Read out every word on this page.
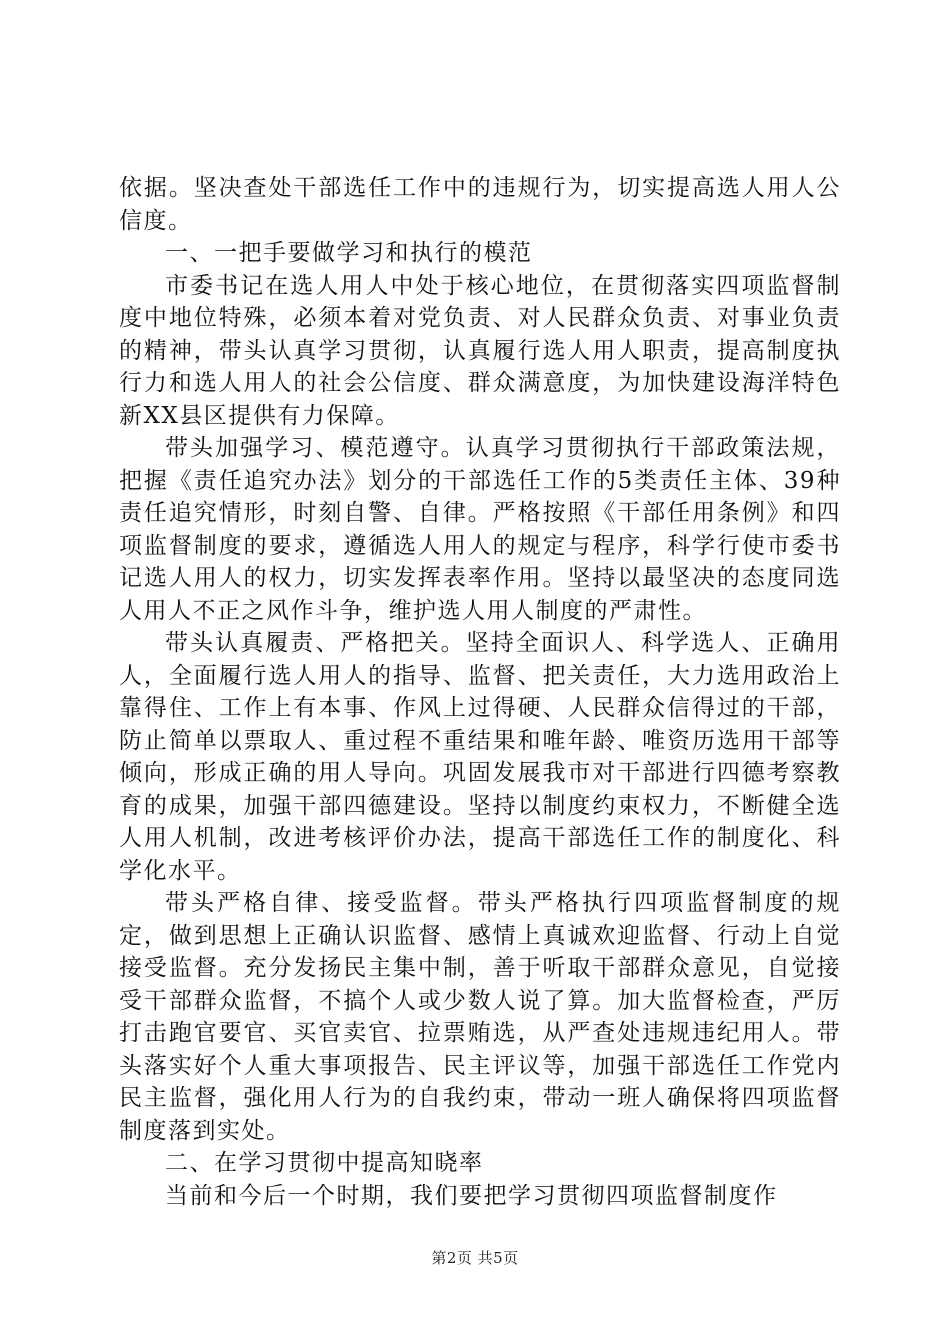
依据。坚决查处干部选任工作中的违规行为，切实提高选人用人公信度。

一、一把手要做学习和执行的模范

市委书记在选人用人中处于核心地位，在贯彻落实四项监督制度中地位特殊，必须本着对党负责、对人民群众负责、对事业负责的精神，带头认真学习贯彻，认真履行选人用人职责，提高制度执行力和选人用人的社会公信度、群众满意度，为加快建设海洋特色新XX县区提供有力保障。

带头加强学习、模范遵守。认真学习贯彻执行干部政策法规，把握《责任追究办法》划分的干部选任工作的5类责任主体、39种责任追究情形，时刻自警、自律。严格按照《干部任用条例》和四项监督制度的要求，遵循选人用人的规定与程序，科学行使市委书记选人用人的权力，切实发挥表率作用。坚持以最坚决的态度同选人用人不正之风作斗争，维护选人用人制度的严肃性。

带头认真履责、严格把关。坚持全面识人、科学选人、正确用人，全面履行选人用人的指导、监督、把关责任，大力选用政治上靠得住、工作上有本事、作风上过得硬、人民群众信得过的干部，防止简单以票取人、重过程不重结果和唯年龄、唯资历选用干部等倾向，形成正确的用人导向。巩固发展我市对干部进行四德考察教育的成果，加强干部四德建设。坚持以制度约束权力，不断健全选人用人机制，改进考核评价办法，提高干部选任工作的制度化、科学化水平。

带头严格自律、接受监督。带头严格执行四项监督制度的规定，做到思想上正确认识监督、感情上真诚欢迎监督、行动上自觉接受监督。充分发扬民主集中制，善于听取干部群众意见，自觉接受干部群众监督，不搞个人或少数人说了算。加大监督检查，严厉打击跑官要官、买官卖官、拉票贿选，从严查处违规违纪用人。带头落实好个人重大事项报告、民主评议等，加强干部选任工作党内民主监督，强化用人行为的自我约束，带动一班人确保将四项监督制度落到实处。

二、在学习贯彻中提高知晓率

当前和今后一个时期，我们要把学习贯彻四项监督制度作

第2页 共5页
